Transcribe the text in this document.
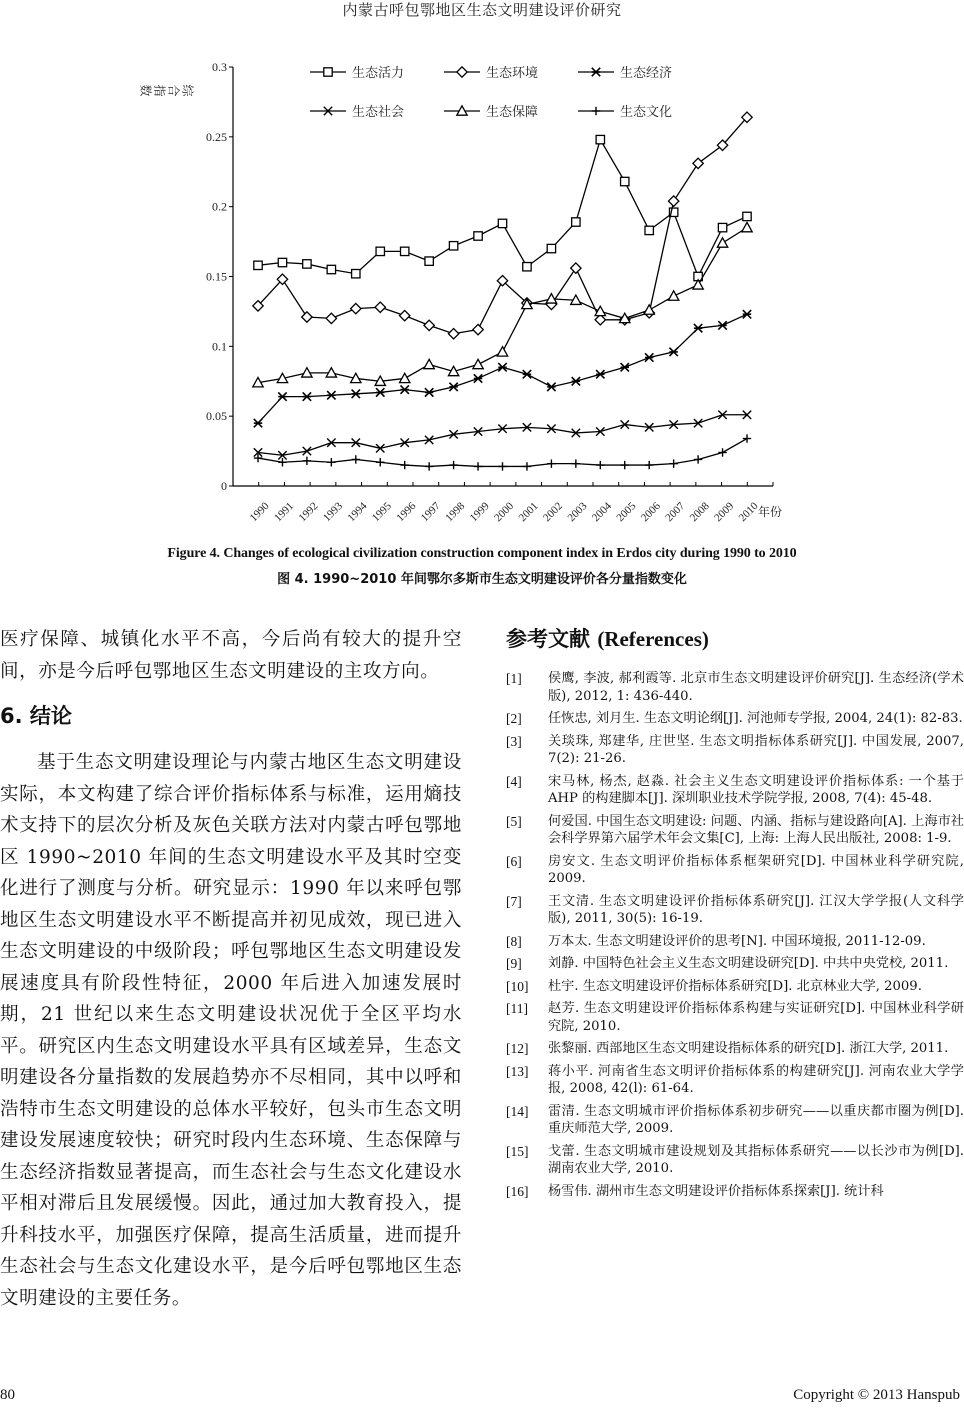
内蒙古呼包鄂地区生态文明建设评价研究
0
0.05
0.1
0.15
0.2
0.25
0.3
1990 1991 1992 1993 1994 1995 1996 1997 1998 1999 2000 2001 2002 2003 2004 2005 2006 2007 2008 2009 2010
综合指数
年份
生态活力	生态环境	生态经济
生态社会	生态保障	生态文化
Figure 4. Changes of ecological civilization construction component index in Erdos city during 1990 to 2010
图 4. 1990~2010 年间鄂尔多斯市生态文明建设评价各分量指数变化

医疗保障、城镇化水平不高，今后尚有较大的提升空间，亦是今后呼包鄂地区生态文明建设的主攻方向。

6. 结论

基于生态文明建设理论与内蒙古地区生态文明建设实际，本文构建了综合评价指标体系与标准，运用熵技术支持下的层次分析及灰色关联方法对内蒙古呼包鄂地区 1990~2010 年间的生态文明建设水平及其时空变化进行了测度与分析。研究显示：1990 年以来呼包鄂地区生态文明建设水平不断提高并初见成效，现已进入生态文明建设的中级阶段；呼包鄂地区生态文明建设发展速度具有阶段性特征，2000 年后进入加速发展时期，21 世纪以来生态文明建设状况优于全区平均水平。研究区内生态文明建设水平具有区域差异，生态文明建设各分量指数的发展趋势亦不尽相同，其中以呼和浩特市生态文明建设的总体水平较好，包头市生态文明建设发展速度较快；研究时段内生态环境、生态保障与生态经济指数显著提高，而生态社会与生态文化建设水平相对滞后且发展缓慢。因此，通过加大教育投入，提升科技水平，加强医疗保障，提高生活质量，进而提升生态社会与生态文化建设水平，是今后呼包鄂地区生态文明建设的主要任务。

参考文献 (References)
[1] 侯鹰, 李波, 郝利霞等. 北京市生态文明建设评价研究[J]. 生态经济(学术版), 2012, 1: 436-440.
[2] 任恢忠, 刘月生. 生态文明论纲[J]. 河池师专学报, 2004, 24(1): 82-83.
[3] 关琰珠, 郑建华, 庄世坚. 生态文明指标体系研究[J]. 中国发展, 2007, 7(2): 21-26.
[4] 宋马林, 杨杰, 赵淼. 社会主义生态文明建设评价指标体系: 一个基于 AHP 的构建脚本[J]. 深圳职业技术学院学报, 2008, 7(4): 45-48.
[5] 何爱国. 中国生态文明建设: 问题、内涵、指标与建设路向[A]. 上海市社会科学界第六届学术年会文集[C], 上海: 上海人民出版社, 2008: 1-9.
[6] 房安文. 生态文明评价指标体系框架研究[D]. 中国林业科学研究院, 2009.
[7] 王文清. 生态文明建设评价指标体系研究[J]. 江汉大学学报(人文科学版), 2011, 30(5): 16-19.
[8] 万本太. 生态文明建设评价的思考[N]. 中国环境报, 2011-12-09.
[9] 刘静. 中国特色社会主义生态文明建设研究[D]. 中共中央党校, 2011.
[10] 杜宇. 生态文明建设评价指标体系研究[D]. 北京林业大学, 2009.
[11] 赵芳. 生态文明建设评价指标体系构建与实证研究[D]. 中国林业科学研究院, 2010.
[12] 张黎丽. 西部地区生态文明建设指标体系的研究[D]. 浙江大学, 2011.
[13] 蒋小平. 河南省生态文明评价指标体系的构建研究[J]. 河南农业大学学报, 2008, 42(l): 61-64.
[14] 雷清. 生态文明城市评价指标体系初步研究——以重庆都市圈为例[D]. 重庆师范大学, 2009.
[15] 戈蕾. 生态文明城市建设规划及其指标体系研究——以长沙市为例[D]. 湖南农业大学, 2010.
[16] 杨雪伟. 湖州市生态文明建设评价指标体系探索[J]. 统计科
80	Copyright © 2013 Hanspub
